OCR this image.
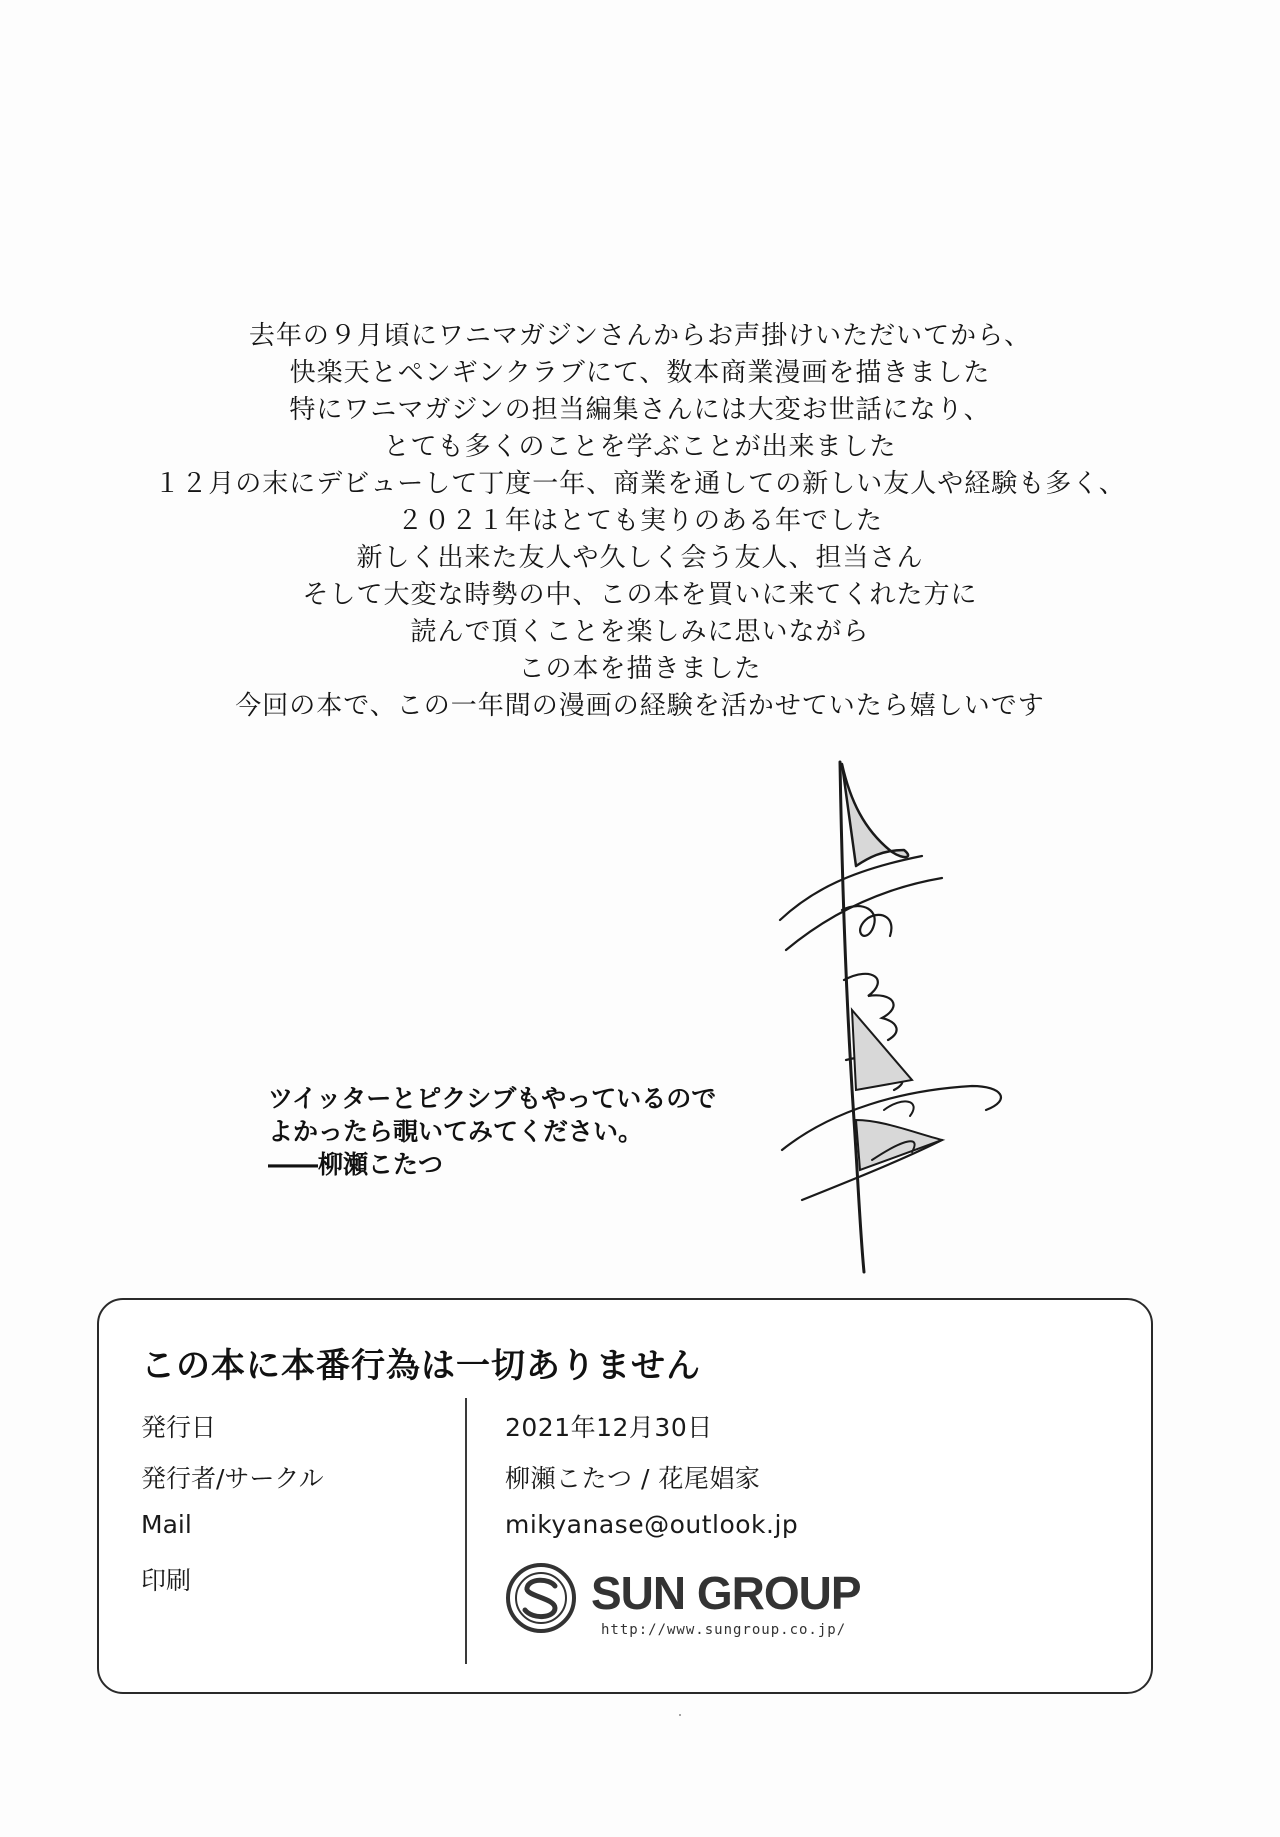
去年の９月頃にワニマガジンさんからお声掛けいただいてから、
快楽天とペンギンクラブにて、数本商業漫画を描きました
特にワニマガジンの担当編集さんには大変お世話になり、
とても多くのことを学ぶことが出来ました
１２月の末にデビューして丁度一年、商業を通しての新しい友人や経験も多く、
２０２１年はとても実りのある年でした
新しく出来た友人や久しく会う友人、担当さん
そして大変な時勢の中、この本を買いに来てくれた方に
読んで頂くことを楽しみに思いながら
この本を描きました
今回の本で、この一年間の漫画の経験を活かせていたら嬉しいです
ツイッターとピクシブもやっているので
よかったら覗いてみてください。
――柳瀬こたつ
この本に本番行為は一切ありません
発行日	2021年12月30日
発行者/サークル	柳瀬こたつ / 花尾娼家
Mail	mikyanase@outlook.jp
印刷	SUN GROUP
http://www.sungroup.co.jp/
